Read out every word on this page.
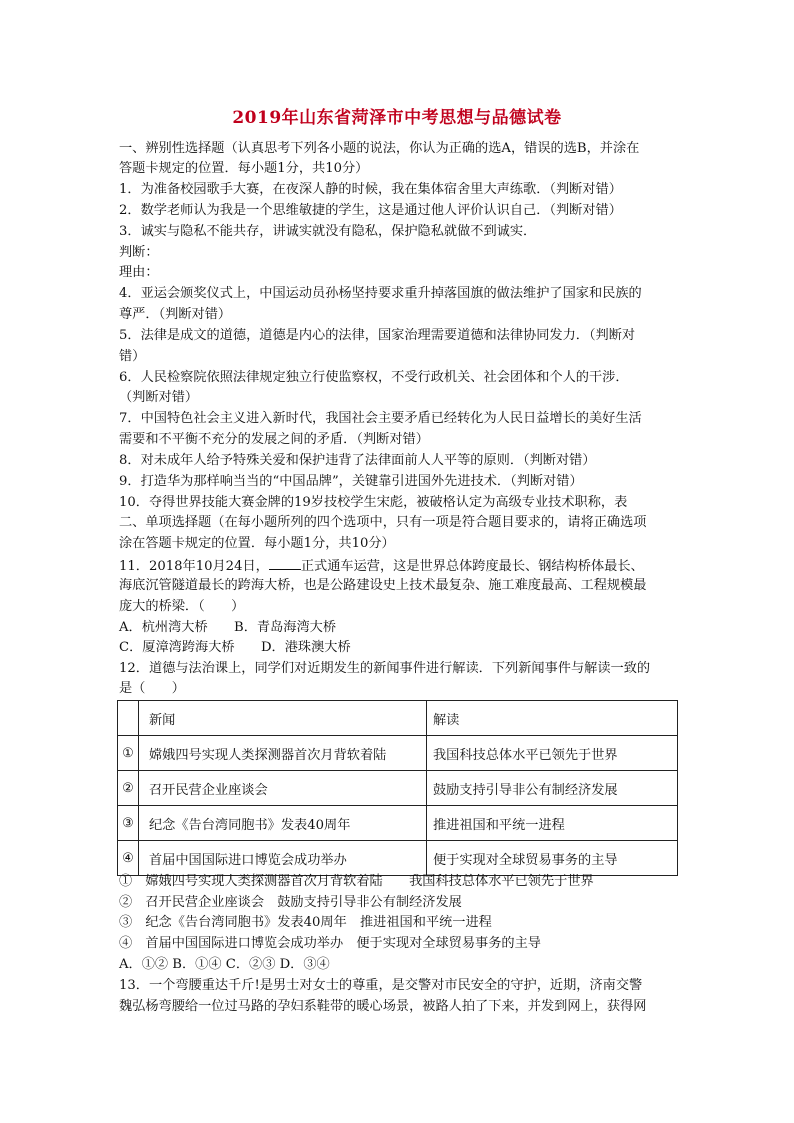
2019年山东省菏泽市中考思想与品德试卷
一、辨别性选择题（认真思考下列各小题的说法，你认为正确的选A，错误的选B，并涂在
答题卡规定的位置．每小题1分，共10分）
1．为准备校园歌手大赛，在夜深人静的时候，我在集体宿舍里大声练歌．（判断对错）
2．数学老师认为我是一个思维敏捷的学生，这是通过他人评价认识自己．（判断对错）
3．诚实与隐私不能共存，讲诚实就没有隐私，保护隐私就做不到诚实．
判断：
理由：
4．亚运会颁奖仪式上，中国运动员孙杨坚持要求重升掉落国旗的做法维护了国家和民族的
尊严．（判断对错）
5．法律是成文的道德，道德是内心的法律，国家治理需要道德和法律协同发力．（判断对
错）
6．人民检察院依照法律规定独立行使监察权，不受行政机关、社会团体和个人的干涉．
（判断对错）
7．中国特色社会主义进入新时代，我国社会主要矛盾已经转化为人民日益增长的美好生活
需要和不平衡不充分的发展之间的矛盾．（判断对错）
8．对未成年人给予特殊关爱和保护违背了法律面前人人平等的原则．（判断对错）
9．打造华为那样响当当的“中国品牌”，关键靠引进国外先进技术．（判断对错）
10．夺得世界技能大赛金牌的19岁技校学生宋彪，被破格认定为高级专业技术职称，表
二、单项选择题（在每小题所列的四个选项中，只有一项是符合题目要求的，请将正确选项
涂在答题卡规定的位置．每小题1分，共10分）
11．2018年10月24日， 正式通车运营，这是世界总体跨度最长、钢结构桥体最长、
海底沉管隧道最长的跨海大桥，也是公路建设史上技术最复杂、施工难度最高、工程规模最
庞大的桥梁．（　　）
A．杭州湾大桥　　B．青岛海湾大桥
C．厦漳湾跨海大桥　　D．港珠澳大桥
12．道德与法治课上，同学们对近期发生的新闻事件进行解读．下列新闻事件与解读一致的
是（　　）
	新闻	解读
①	嫦娥四号实现人类探测器首次月背软着陆	我国科技总体水平已领先于世界
②	召开民营企业座谈会	鼓励支持引导非公有制经济发展
③	纪念《告台湾同胞书》发表40周年	推进祖国和平统一进程
④	首届中国国际进口博览会成功举办	便于实现对全球贸易事务的主导
①　嫦娥四号实现人类探测器首次月背软着陆　　我国科技总体水平已领先于世界
②　召开民营企业座谈会　鼓励支持引导非公有制经济发展
③　纪念《告台湾同胞书》发表40周年　推进祖国和平统一进程
④　首届中国国际进口博览会成功举办　便于实现对全球贸易事务的主导
A．①② B．①④ C．②③ D．③④
13．一个弯腰重达千斤!是男士对女士的尊重，是交警对市民安全的守护，近期，济南交警
魏弘杨弯腰给一位过马路的孕妇系鞋带的暖心场景，被路人拍了下来，并发到网上，获得网
